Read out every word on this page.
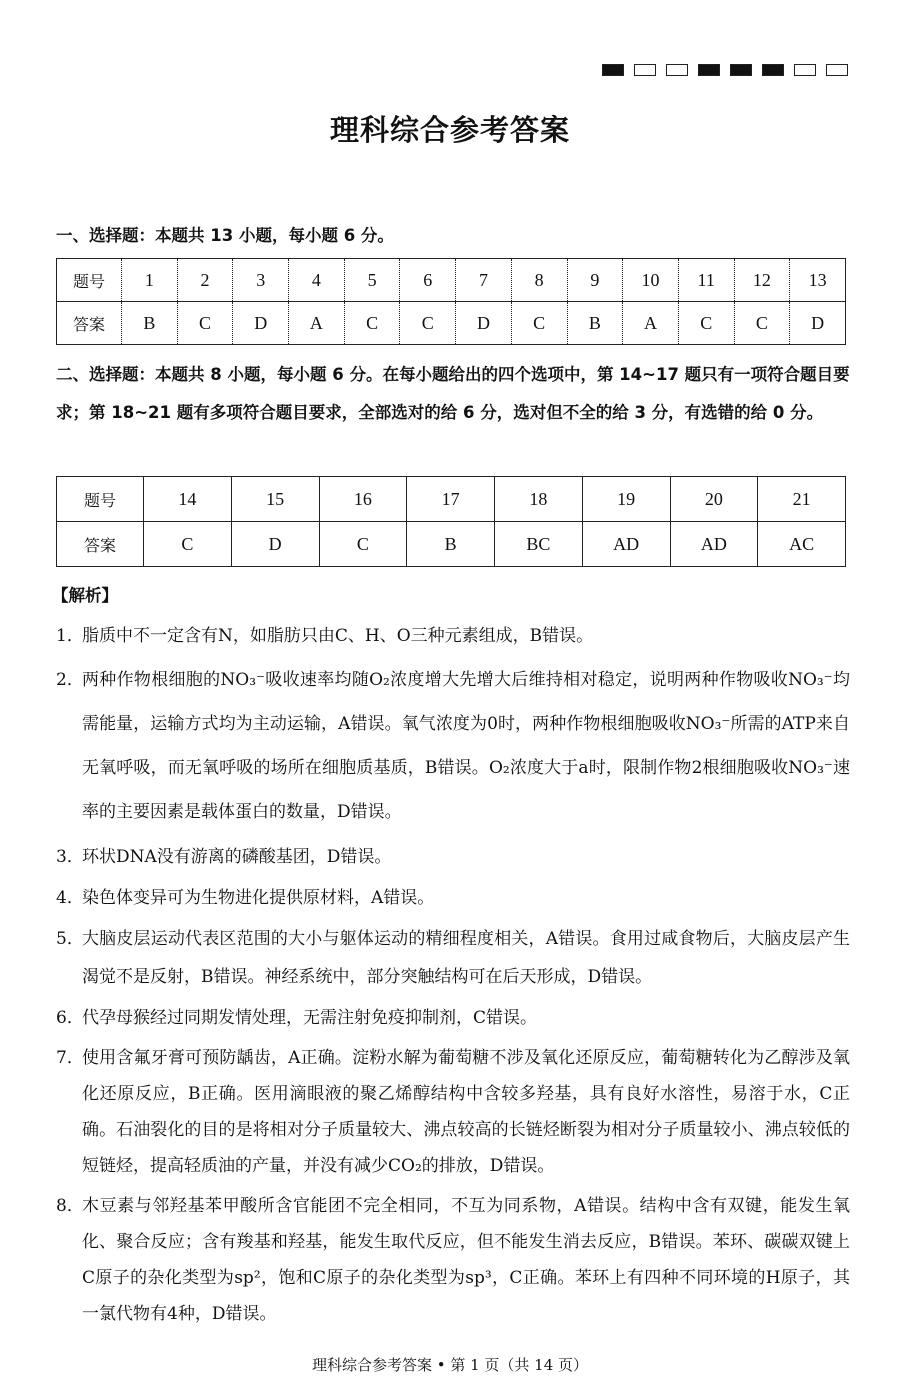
理科综合参考答案
一、选择题：本题共 13 小题，每小题 6 分。
题号	1	2	3	4	5	6	7	8	9	10	11	12	13
答案	B	C	D	A	C	C	D	C	B	A	C	C	D
二、选择题：本题共 8 小题，每小题 6 分。在每小题给出的四个选项中，第 14~17 题只有一项符合题目要求；第 18~21 题有多项符合题目要求，全部选对的给 6 分，选对但不全的给 3 分，有选错的给 0 分。
题号	14	15	16	17	18	19	20	21
答案	C	D	C	B	BC	AD	AD	AC
【解析】
1．
脂质中不一定含有N，如脂肪只由C、H、O三种元素组成，B错误。
2．
两种作物根细胞的NO₃⁻吸收速率均随O₂浓度增大先增大后维持相对稳定，说明两种作物吸收NO₃⁻均需能量，运输方式均为主动运输，A错误。氧气浓度为0时，两种作物根细胞吸收NO₃⁻所需的ATP来自无氧呼吸，而无氧呼吸的场所在细胞质基质，B错误。O₂浓度大于a时，限制作物2根细胞吸收NO₃⁻速率的主要因素是载体蛋白的数量，D错误。
3．
环状DNA没有游离的磷酸基团，D错误。
4．
染色体变异可为生物进化提供原材料，A错误。
5．
大脑皮层运动代表区范围的大小与躯体运动的精细程度相关，A错误。食用过咸食物后，大脑皮层产生渴觉不是反射，B错误。神经系统中，部分突触结构可在后天形成，D错误。
6．
代孕母猴经过同期发情处理，无需注射免疫抑制剂，C错误。
7．
使用含氟牙膏可预防龋齿，A正确。淀粉水解为葡萄糖不涉及氧化还原反应，葡萄糖转化为乙醇涉及氧化还原反应，B正确。医用滴眼液的聚乙烯醇结构中含较多羟基，具有良好水溶性，易溶于水，C正确。石油裂化的目的是将相对分子质量较大、沸点较高的长链烃断裂为相对分子质量较小、沸点较低的短链烃，提高轻质油的产量，并没有减少CO₂的排放，D错误。
8．
木豆素与邻羟基苯甲酸所含官能团不完全相同，不互为同系物，A错误。结构中含有双键，能发生氧化、聚合反应；含有羧基和羟基，能发生取代反应，但不能发生消去反应，B错误。苯环、碳碳双键上C原子的杂化类型为sp²，饱和C原子的杂化类型为sp³，C正确。苯环上有四种不同环境的H原子，其一氯代物有4种，D错误。
理科综合参考答案 • 第 1 页（共 14 页）
